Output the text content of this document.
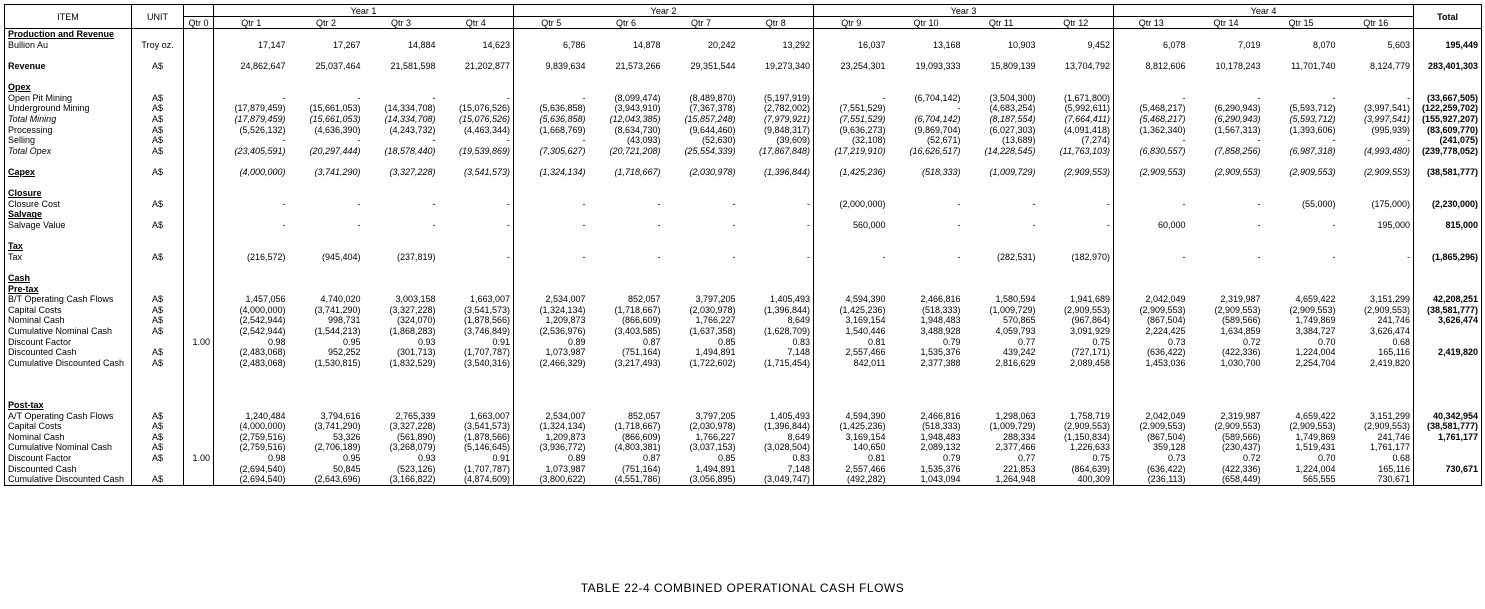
ITEM	UNIT		Year 1				Year 2				Year 3				Year 4				Total
		Qtr 0	Qtr 1	Qtr 2	Qtr 3	Qtr 4	Qtr 5	Qtr 6	Qtr 7	Qtr 8	Qtr 9	Qtr 10	Qtr 11	Qtr 12	Qtr 13	Qtr 14	Qtr 15	Qtr 16	
Production and Revenue																			
Bullion Au	Troy oz.		17,147	17,267	14,884	14,623	6,786	14,878	20,242	13,292	16,037	13,168	10,903	9,452	6,078	7,019	8,070	5,603	195,449

Revenue	A$		24,862,647	25,037,464	21,581,598	21,202,877	9,839,634	21,573,266	29,351,544	19,273,340	23,254,301	19,093,333	15,809,139	13,704,792	8,812,606	10,178,243	11,701,740	8,124,779	283,401,303

Opex																			
Open Pit Mining	A$		-	-	-	-	-	(8,099,474)	(8,489,870)	(5,197,919)	-	(6,704,142)	(3,504,300)	(1,671,800)	-	-	-	-	(33,667,505)
Underground Mining	A$		(17,879,459)	(15,661,053)	(14,334,708)	(15,076,526)	(5,636,858)	(3,943,910)	(7,367,378)	(2,782,002)	(7,551,529)	-	(4,683,254)	(5,992,611)	(5,468,217)	(6,290,943)	(5,593,712)	(3,997,541)	(122,259,702)
Total Mining	A$		(17,879,459)	(15,661,053)	(14,334,708)	(15,076,526)	(5,636,858)	(12,043,385)	(15,857,248)	(7,979,921)	(7,551,529)	(6,704,142)	(8,187,554)	(7,664,411)	(5,468,217)	(6,290,943)	(5,593,712)	(3,997,541)	(155,927,207)
Processing	A$		(5,526,132)	(4,636,390)	(4,243,732)	(4,463,344)	(1,668,769)	(8,634,730)	(9,644,460)	(9,848,317)	(9,636,273)	(9,869,704)	(6,027,303)	(4,091,418)	(1,362,340)	(1,567,313)	(1,393,606)	(995,939)	(83,609,770)
Selling	A$		-	-	-	-	-	(43,093)	(52,630)	(39,609)	(32,108)	(52,671)	(13,689)	(7,274)	-	-	-	-	(241,075)
Total Opex	A$		(23,405,591)	(20,297,444)	(18,578,440)	(19,539,869)	(7,305,627)	(20,721,208)	(25,554,339)	(17,867,848)	(17,219,910)	(16,626,517)	(14,228,545)	(11,763,103)	(6,830,557)	(7,858,256)	(6,987,318)	(4,993,480)	(239,778,052)

Capex	A$		(4,000,000)	(3,741,290)	(3,327,228)	(3,541,573)	(1,324,134)	(1,718,667)	(2,030,978)	(1,396,844)	(1,425,236)	(518,333)	(1,009,729)	(2,909,553)	(2,909,553)	(2,909,553)	(2,909,553)	(2,909,553)	(38,581,777)

Closure																			
Closure Cost	A$		-	-	-	-	-	-	-	-	(2,000,000)	-	-	-	-	-	(55,000)	(175,000)	(2,230,000)
Salvage																			
Salvage Value	A$		-	-	-	-	-	-	-	-	560,000	-	-	-	60,000	-	-	195,000	815,000

Tax																			
Tax	A$		(216,572)	(945,404)	(237,819)	-	-	-	-	-	-	-	(282,531)	(182,970)	-	-	-	-	(1,865,296)

Cash																			
Pre-tax																			
B/T Operating Cash Flows	A$		1,457,056	4,740,020	3,003,158	1,663,007	2,534,007	852,057	3,797,205	1,405,493	4,594,390	2,466,816	1,580,594	1,941,689	2,042,049	2,319,987	4,659,422	3,151,299	42,208,251
Capital Costs	A$		(4,000,000)	(3,741,290)	(3,327,228)	(3,541,573)	(1,324,134)	(1,718,667)	(2,030,978)	(1,396,844)	(1,425,236)	(518,333)	(1,009,729)	(2,909,553)	(2,909,553)	(2,909,553)	(2,909,553)	(2,909,553)	(38,581,777)
Nominal Cash	A$		(2,542,944)	998,731	(324,070)	(1,878,566)	1,209,873	(866,609)	1,766,227	8,649	3,169,154	1,948,483	570,865	(967,864)	(867,504)	(589,566)	1,749,869	241,746	3,626,474
Cumulative Nominal Cash	A$		(2,542,944)	(1,544,213)	(1,868,283)	(3,746,849)	(2,536,976)	(3,403,585)	(1,637,358)	(1,628,709)	1,540,446	3,488,928	4,059,793	3,091,929	2,224,425	1,634,859	3,384,727	3,626,474	
Discount Factor		1.00	0.98	0.95	0.93	0.91	0.89	0.87	0.85	0.83	0.81	0.79	0.77	0.75	0.73	0.72	0.70	0.68	
Discounted Cash	A$		(2,483,068)	952,252	(301,713)	(1,707,787)	1,073,987	(751,164)	1,494,891	7,148	2,557,466	1,535,376	439,242	(727,171)	(636,422)	(422,336)	1,224,004	165,116	2,419,820
Cumulative Discounted Cash	A$		(2,483,068)	(1,530,815)	(1,832,529)	(3,540,316)	(2,466,329)	(3,217,493)	(1,722,602)	(1,715,454)	842,011	2,377,388	2,816,629	2,089,458	1,453,036	1,030,700	2,254,704	2,419,820	

Post-tax																			
A/T Operating Cash Flows	A$		1,240,484	3,794,616	2,765,339	1,663,007	2,534,007	852,057	3,797,205	1,405,493	4,594,390	2,466,816	1,298,063	1,758,719	2,042,049	2,319,987	4,659,422	3,151,299	40,342,954
Capital Costs	A$		(4,000,000)	(3,741,290)	(3,327,228)	(3,541,573)	(1,324,134)	(1,718,667)	(2,030,978)	(1,396,844)	(1,425,236)	(518,333)	(1,009,729)	(2,909,553)	(2,909,553)	(2,909,553)	(2,909,553)	(2,909,553)	(38,581,777)
Nominal Cash	A$		(2,759,516)	53,326	(561,890)	(1,878,566)	1,209,873	(866,609)	1,766,227	8,649	3,169,154	1,948,483	288,334	(1,150,834)	(867,504)	(589,566)	1,749,869	241,746	1,761,177
Cumulative Nominal Cash	A$		(2,759,516)	(2,706,189)	(3,268,079)	(5,146,645)	(3,936,772)	(4,803,381)	(3,037,153)	(3,028,504)	140,650	2,089,132	2,377,466	1,226,633	359,128	(230,437)	1,519,431	1,761,177	
Discount Factor	A$	1.00	0.98	0.95	0.93	0.91	0.89	0.87	0.85	0.83	0.81	0.79	0.77	0.75	0.73	0.72	0.70	0.68	
Discounted Cash			(2,694,540)	50,845	(523,126)	(1,707,787)	1,073,987	(751,164)	1,494,891	7,148	2,557,466	1,535,376	221,853	(864,639)	(636,422)	(422,336)	1,224,004	165,116	730,671
Cumulative Discounted Cash	A$		(2,694,540)	(2,643,696)	(3,166,822)	(4,874,609)	(3,800,622)	(4,551,786)	(3,056,895)	(3,049,747)	(492,282)	1,043,094	1,264,948	400,309	(236,113)	(658,449)	565,555	730,671	
TABLE 22-4 COMBINED OPERATIONAL CASH FLOWS
